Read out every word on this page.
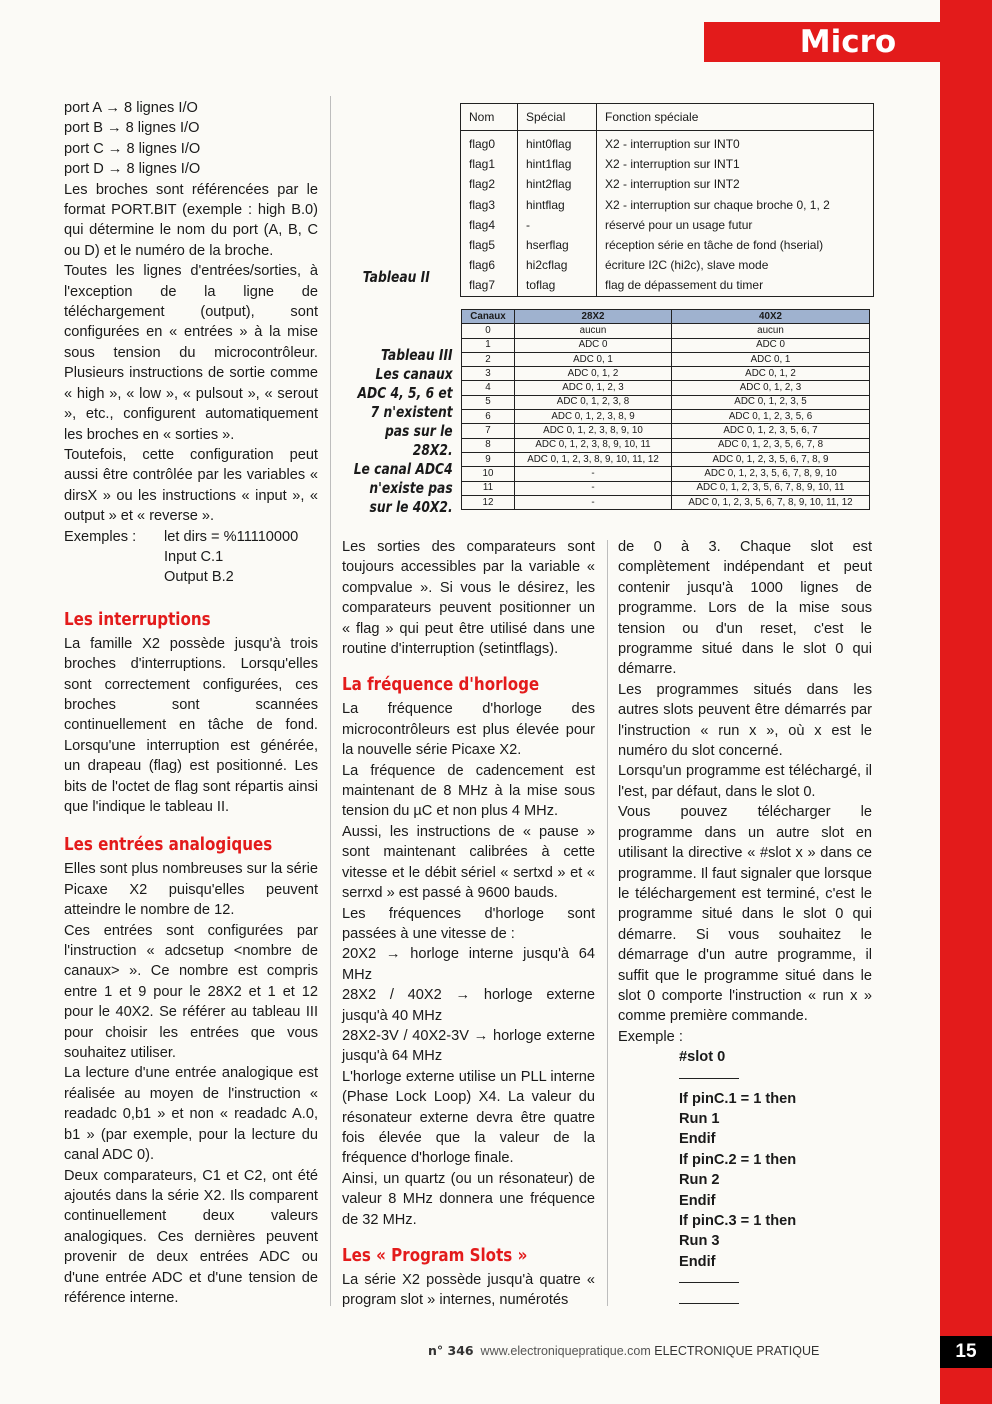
Micro
port A → 8 lignes I/O
port B → 8 lignes I/O
port C → 8 lignes I/O
port D → 8 lignes I/O

Les broches sont référencées par le format PORT.BIT (exemple : high B.0) qui détermine le nom du port (A, B, C ou D) et le numéro de la broche.

Toutes les lignes d'entrées/sorties, à l'exception de la ligne de téléchargement (output), sont configurées en « entrées » à la mise sous tension du microcontrôleur. Plusieurs instructions de sortie comme « high », « low », « pulsout », « serout », etc., configurent automatiquement les broches en « sorties ».

Toutefois, cette configuration peut aussi être contrôlée par les variables « dirsX » ou les instructions « input », « output » et « reverse ».

Exemples :	let dirs = %11110000
Input C.1
Output B.2
Les interruptions

La famille X2 possède jusqu'à trois broches d'interruptions. Lorsqu'elles sont correctement configurées, ces broches sont scannées continuellement en tâche de fond. Lorsqu'une interruption est générée, un drapeau (flag) est positionné. Les bits de l'octet de flag sont répartis ainsi que l'indique le tableau II.

Les entrées analogiques

Elles sont plus nombreuses sur la série Picaxe X2 puisqu'elles peuvent atteindre le nombre de 12.

Ces entrées sont configurées par l'instruction « adcsetup <nombre de canaux> ». Ce nombre est compris entre 1 et 9 pour le 28X2 et 1 et 12 pour le 40X2. Se référer au tableau III pour choisir les entrées que vous souhaitez utiliser.

La lecture d'une entrée analogique est réalisée au moyen de l'instruction « readadc 0,b1 » et non « readadc A.0, b1 » (par exemple, pour la lecture du canal ADC 0).

Deux comparateurs, C1 et C2, ont été ajoutés dans la série X2. Ils comparent continuellement deux valeurs analogiques. Ces dernières peuvent provenir de deux entrées ADC ou d'une entrée ADC et d'une tension de référence interne.

Tableau II
Nom	Spécial	Fonction spéciale
flag0	hint0flag	X2 - interruption sur INT0
flag1	hint1flag	X2 - interruption sur INT1
flag2	hint2flag	X2 - interruption sur INT2
flag3	hintflag	X2 - interruption sur chaque broche 0, 1, 2
flag4	-	réservé pour un usage futur
flag5	hserflag	réception série en tâche de fond (hserial)
flag6	hi2cflag	écriture I2C (hi2c), slave mode
flag7	toflag	flag de dépassement du timer
Tableau III
Les canaux
ADC 4, 5, 6 et
7 n'existent
pas sur le
28X2.
Le canal ADC4
n'existe pas
sur le 40X2.
Canaux	28X2	40X2
0	aucun	aucun
1	ADC 0	ADC 0
2	ADC 0, 1	ADC 0, 1
3	ADC 0, 1, 2	ADC 0, 1, 2
4	ADC 0, 1, 2, 3	ADC 0, 1, 2, 3
5	ADC 0, 1, 2, 3, 8	ADC 0, 1, 2, 3, 5
6	ADC 0, 1, 2, 3, 8, 9	ADC 0, 1, 2, 3, 5, 6
7	ADC 0, 1, 2, 3, 8, 9, 10	ADC 0, 1, 2, 3, 5, 6, 7
8	ADC 0, 1, 2, 3, 8, 9, 10, 11	ADC 0, 1, 2, 3, 5, 6, 7, 8
9	ADC 0, 1, 2, 3, 8, 9, 10, 11, 12	ADC 0, 1, 2, 3, 5, 6, 7, 8, 9
10	-	ADC 0, 1, 2, 3, 5, 6, 7, 8, 9, 10
11	-	ADC 0, 1, 2, 3, 5, 6, 7, 8, 9, 10, 11
12	-	ADC 0, 1, 2, 3, 5, 6, 7, 8, 9, 10, 11, 12

Les sorties des comparateurs sont toujours accessibles par la variable « compvalue ». Si vous le désirez, les comparateurs peuvent positionner un « flag » qui peut être utilisé dans une routine d'interruption (setintflags).

La fréquence d'horloge

La fréquence d'horloge des microcontrôleurs est plus élevée pour la nouvelle série Picaxe X2.

La fréquence de cadencement est maintenant de 8 MHz à la mise sous tension du µC et non plus 4 MHz.

Aussi, les instructions de « pause » sont maintenant calibrées à cette vitesse et le débit sériel « sertxd » et « serrxd » est passé à 9600 bauds.

Les fréquences d'horloge sont passées à une vitesse de :

20X2 → horloge interne jusqu'à 64 MHz

28X2 / 40X2 → horloge externe jusqu'à 40 MHz

28X2-3V / 40X2-3V → horloge externe jusqu'à 64 MHz

L'horloge externe utilise un PLL interne (Phase Lock Loop) X4. La valeur du résonateur externe devra être quatre fois élevée que la valeur de la fréquence d'horloge finale.

Ainsi, un quartz (ou un résonateur) de valeur 8 MHz donnera une fréquence de 32 MHz.

Les « Program Slots »

La série X2 possède jusqu'à quatre « program slot » internes, numérotés

de 0 à 3. Chaque slot est complètement indépendant et peut contenir jusqu'à 1000 lignes de programme. Lors de la mise sous tension ou d'un reset, c'est le programme situé dans le slot 0 qui démarre.

Les programmes situés dans les autres slots peuvent être démarrés par l'instruction « run x », où x est le numéro du slot concerné.

Lorsqu'un programme est téléchargé, il l'est, par défaut, dans le slot 0.

Vous pouvez télécharger le programme dans un autre slot en utilisant la directive « #slot x » dans ce programme. Il faut signaler que lorsque le téléchargement est terminé, c'est le programme situé dans le slot 0 qui démarre. Si vous souhaitez le démarrage d'un autre programme, il suffit que le programme situé dans le slot 0 comporte l'instruction « run x » comme première commande.

Exemple :
#slot 0
If pinC.1 = 1 then
Run 1
Endif
If pinC.2 = 1 then
Run 2
Endif
If pinC.3 = 1 then
Run 3
Endif
n° 346 www.electroniquepratique.com ELECTRONIQUE PRATIQUE	15
